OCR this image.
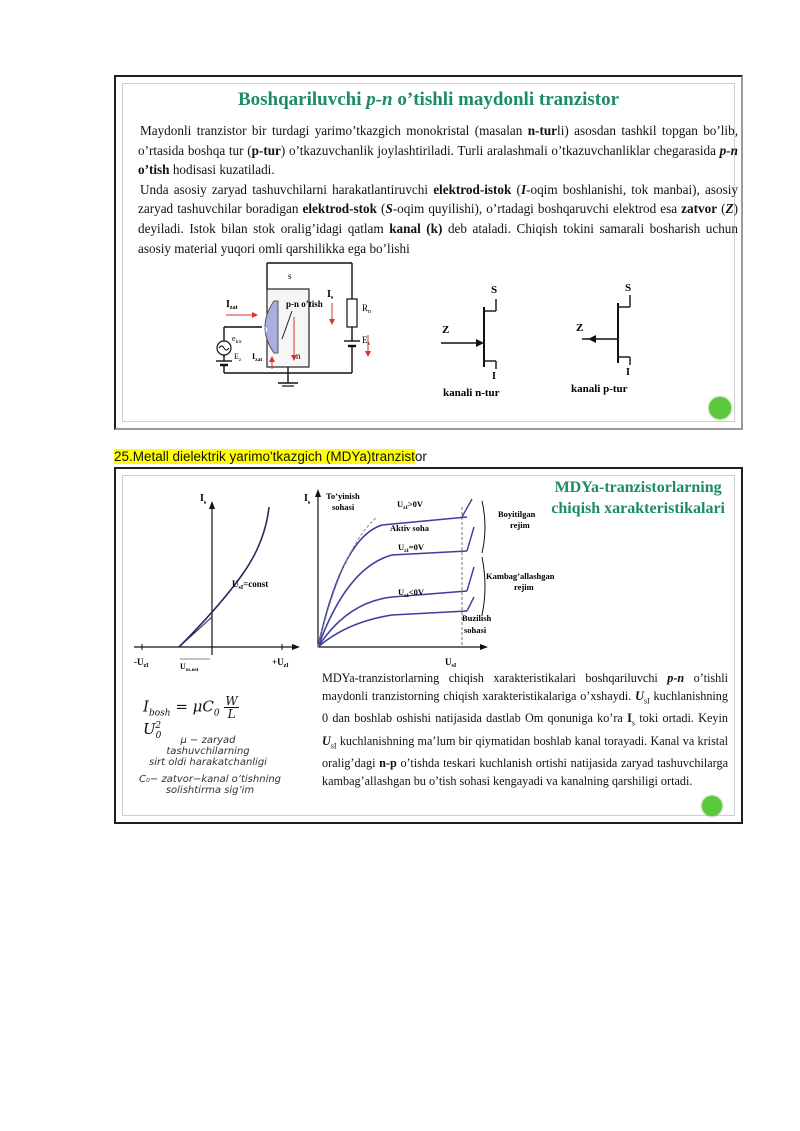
Boshqariluvchi p-n o’tishli maydonli tranzistor

Maydonli tranzistor bir turdagi yarimo’tkazgich monokristal (masalan n-turli) asosdan tashkil topgan bo’lib, o’rtasida boshqa tur (p-tur) o’tkazuvchanlik joylashtiriladi. Turli aralashmali o’tkazuvchanliklar chegarasida p-n o’tish hodisasi kuzatiladi.

Unda asosiy zaryad tashuvchilarni harakatlantiruvchi elektrod-istok (I-oqim boshlanishi, tok manbai), asosiy zaryad tashuvchilar boradigan elektrod-stok (S-oqim quyilishi), o’rtadagi boshqaruvchi elektrod esa zatvor (Z) deyiladi. Istok bilan stok oralig’idagi qatlam kanal (k) deb ataladi. Chiqish tokini samarali bosharish uchun asosiy material yuqori omli qarshilikka ega bo’lishi

s
P
n
p-n o’tish	$R_n$
$E_s$
$I_s$
$I_{zat}$
$e_{kir}$
$E_z$ $I_{zat}$
S
Z
I
kanali n-tur
S
Z
I
kanali p-tur
25.Metall dielektrik yarimo'tkazgich (MDYa)tranzistor
MDYa-tranzistorlarning
chiqish xarakteristikalari
$I_s$
$U_{sI}=const$
$-U_{zI}$	$+U_{zI}$
$U_{zs.ost}$
$I_s$
$U_{sI}$
To’yinish
sohasi	$U_{zI}>0V$
Aktiv soha
$U_{zI}=0V$
$U_{zI}<0V$
Boyitilgan
rejim
Kambag’allashgan
rejim
Buzilish
sohasi
$I_{bosh} = \mu C_0 \frac{W}{L}$
$U_0^2$
μ − zaryad tashuvchilarning
sirt oldi harakatchanligi
C₀− zatvor−kanal o’tishning
solishtirma sig’im
MDYa-tranzistorlarning chiqish xarakteristikalari boshqariluvchi p-n o’tishli maydonli tranzistorning chiqish xarakteristikalariga o’xshaydi. $U_{sI}$ kuchlanishning 0 dan boshlab oshishi natijasida dastlab Om qonuniga ko’ra $I_s$ toki ortadi. Keyin $U_{sI}$ kuchlanishning ma’lum bir qiymatidan boshlab kanal torayadi. Kanal va kristal oralig’dagi n-p o’tishda teskari kuchlanish ortishi natijasida zaryad tashuvchilarga kambag’allashgan bu o’tish sohasi kengayadi va kanalning qarshiligi ortadi.
